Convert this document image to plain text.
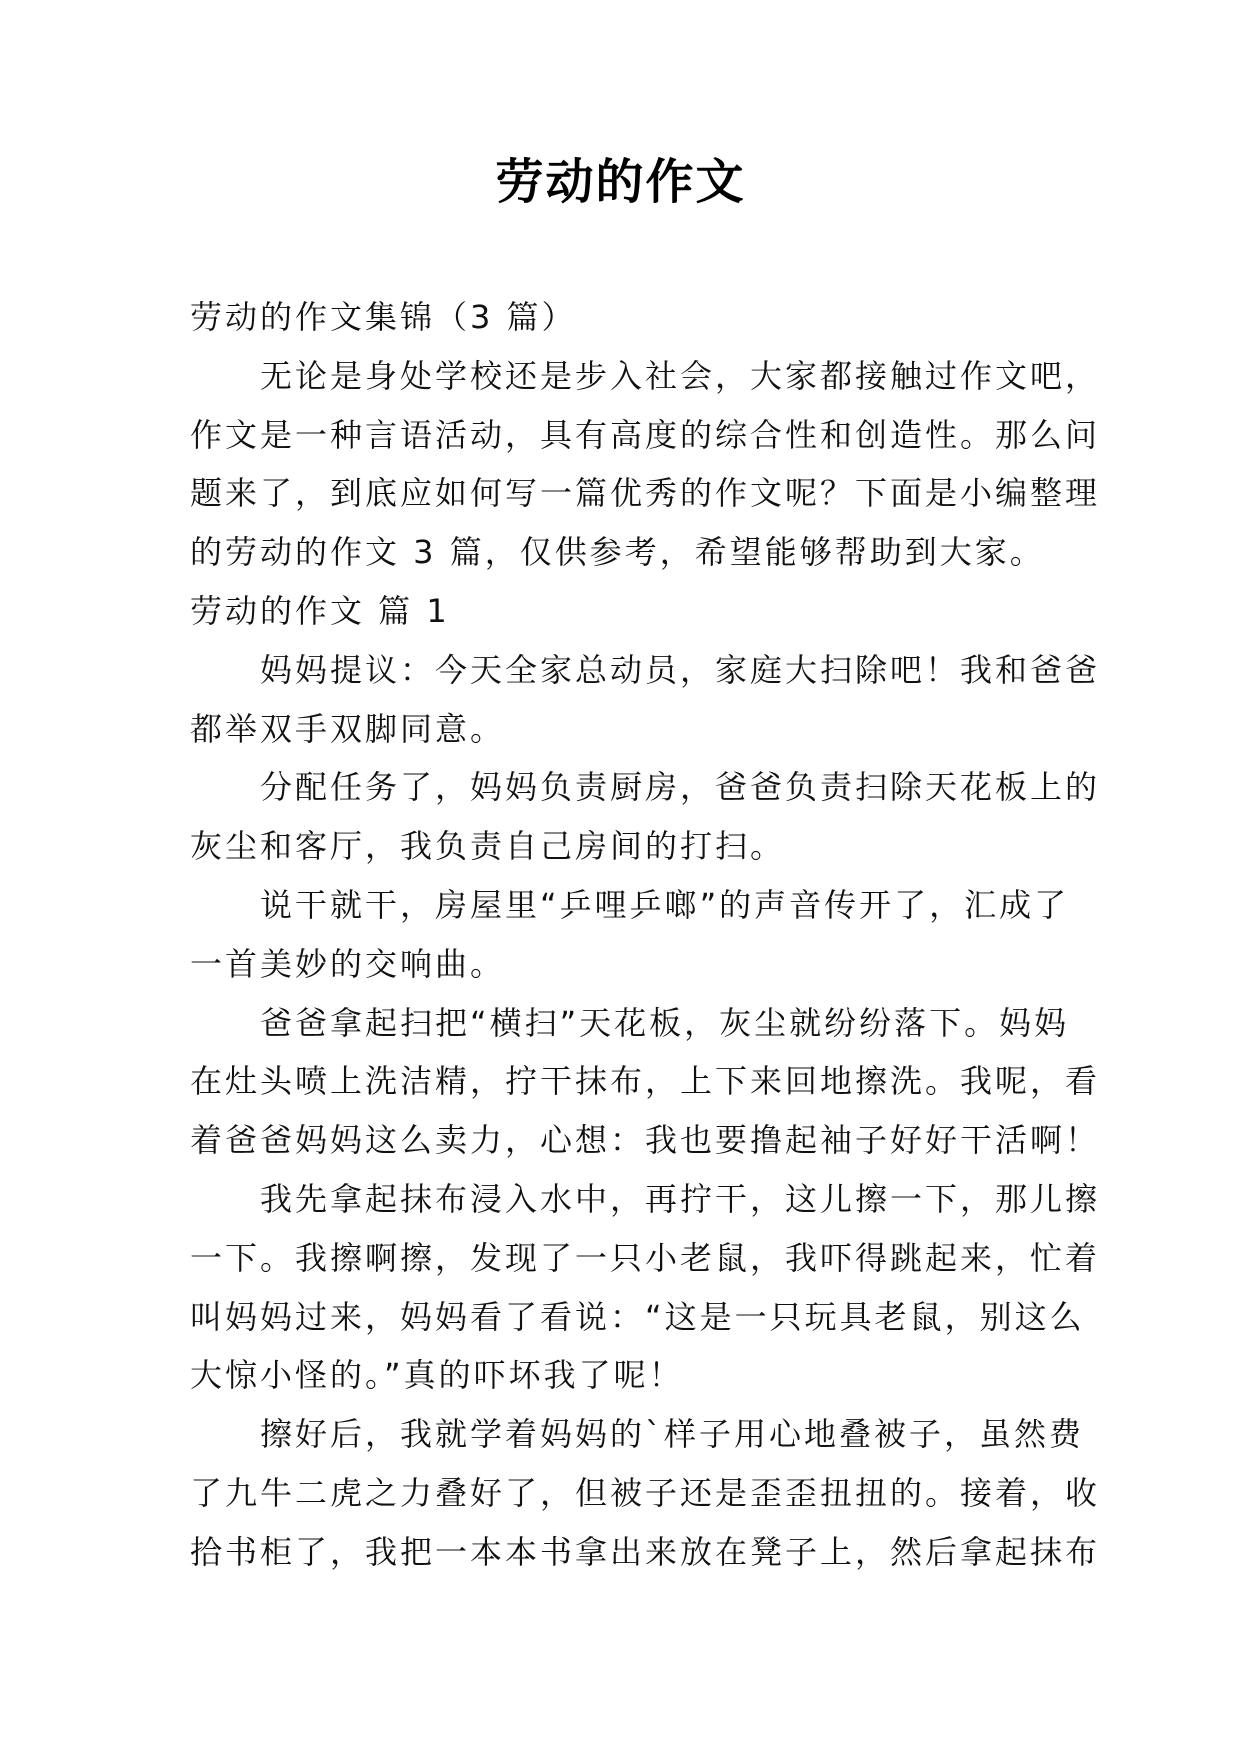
劳动的作文

劳动的作文集锦（3 篇）

无论是身处学校还是步入社会，大家都接触过作文吧，

作文是一种言语活动，具有高度的综合性和创造性。那么问

题来了，到底应如何写一篇优秀的作文呢？下面是小编整理

的劳动的作文 3 篇，仅供参考，希望能够帮助到大家。

劳动的作文 篇 1

妈妈提议：今天全家总动员，家庭大扫除吧！我和爸爸

都举双手双脚同意。

分配任务了，妈妈负责厨房，爸爸负责扫除天花板上的

灰尘和客厅，我负责自己房间的打扫。

说干就干，房屋里“乒哩乒啷”的声音传开了，汇成了

一首美妙的交响曲。

爸爸拿起扫把“横扫”天花板，灰尘就纷纷落下。妈妈

在灶头喷上洗洁精，拧干抹布，上下来回地擦洗。我呢，看

着爸爸妈妈这么卖力，心想：我也要撸起袖子好好干活啊！

我先拿起抹布浸入水中，再拧干，这儿擦一下，那儿擦

一下。我擦啊擦，发现了一只小老鼠，我吓得跳起来，忙着

叫妈妈过来，妈妈看了看说：“这是一只玩具老鼠，别这么

大惊小怪的。”真的吓坏我了呢！

擦好后，我就学着妈妈的`样子用心地叠被子，虽然费

了九牛二虎之力叠好了，但被子还是歪歪扭扭的。接着，收

拾书柜了，我把一本本书拿出来放在凳子上，然后拿起抹布
